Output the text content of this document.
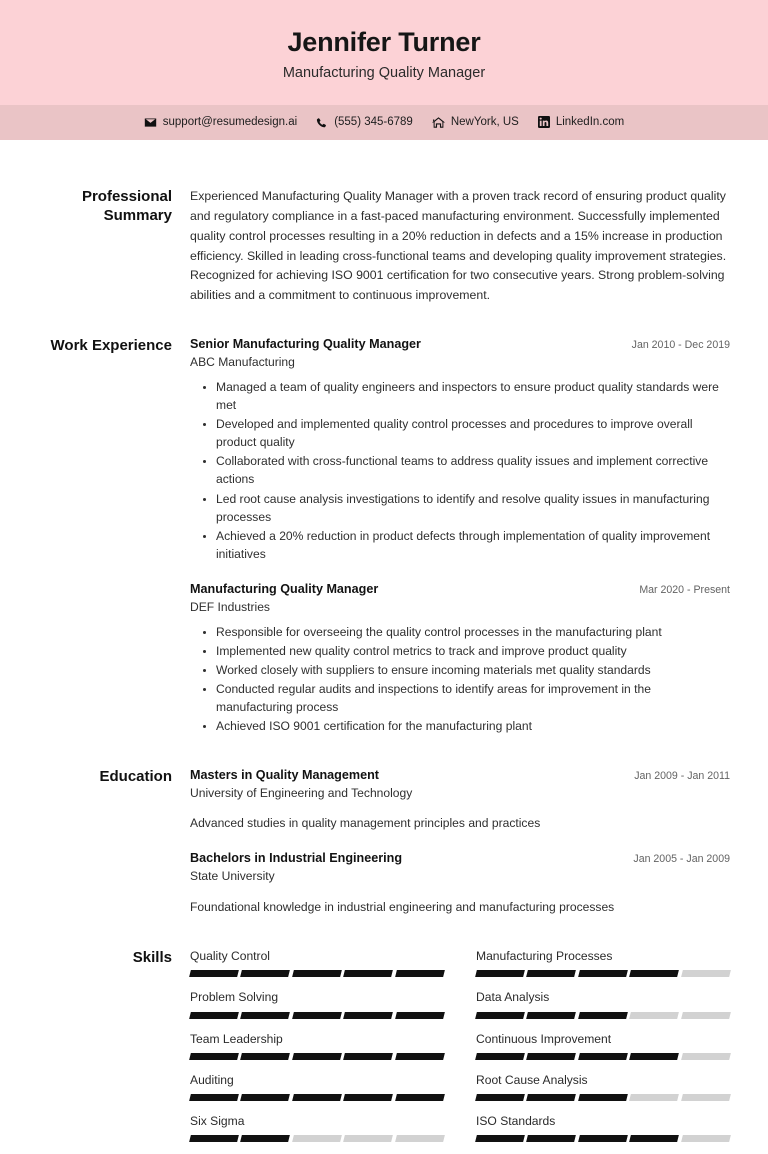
Jennifer Turner
Manufacturing Quality Manager
support@resumedesign.ai	(555) 345-6789	NewYork, US	LinkedIn.com
Professional Summary
Experienced Manufacturing Quality Manager with a proven track record of ensuring product quality and regulatory compliance in a fast-paced manufacturing environment. Successfully implemented quality control processes resulting in a 20% reduction in defects and a 15% increase in production efficiency. Skilled in leading cross-functional teams and developing quality improvement strategies. Recognized for achieving ISO 9001 certification for two consecutive years. Strong problem-solving abilities and a commitment to continuous improvement.
Work Experience Senior Manufacturing Quality Manager	Jan 2010 - Dec 2019
ABC Manufacturing
• Managed a team of quality engineers and inspectors to ensure product quality standards were met
• Developed and implemented quality control processes and procedures to improve overall product quality
• Collaborated with cross-functional teams to address quality issues and implement corrective actions
• Led root cause analysis investigations to identify and resolve quality issues in manufacturing processes
• Achieved a 20% reduction in product defects through implementation of quality improvement initiatives
Manufacturing Quality Manager	Mar 2020 - Present
DEF Industries
• Responsible for overseeing the quality control processes in the manufacturing plant
• Implemented new quality control metrics to track and improve product quality
• Worked closely with suppliers to ensure incoming materials met quality standards
• Conducted regular audits and inspections to identify areas for improvement in the manufacturing process
• Achieved ISO 9001 certification for the manufacturing plant
Education Masters in Quality Management	Jan 2009 - Jan 2011
University of Engineering and Technology
Advanced studies in quality management principles and practices
Bachelors in Industrial Engineering	Jan 2005 - Jan 2009
State University
Foundational knowledge in industrial engineering and manufacturing processes
Skills Quality Control	Manufacturing Processes
Problem Solving	Data Analysis
Team Leadership	Continuous Improvement
Auditing	Root Cause Analysis
Six Sigma	ISO Standards
